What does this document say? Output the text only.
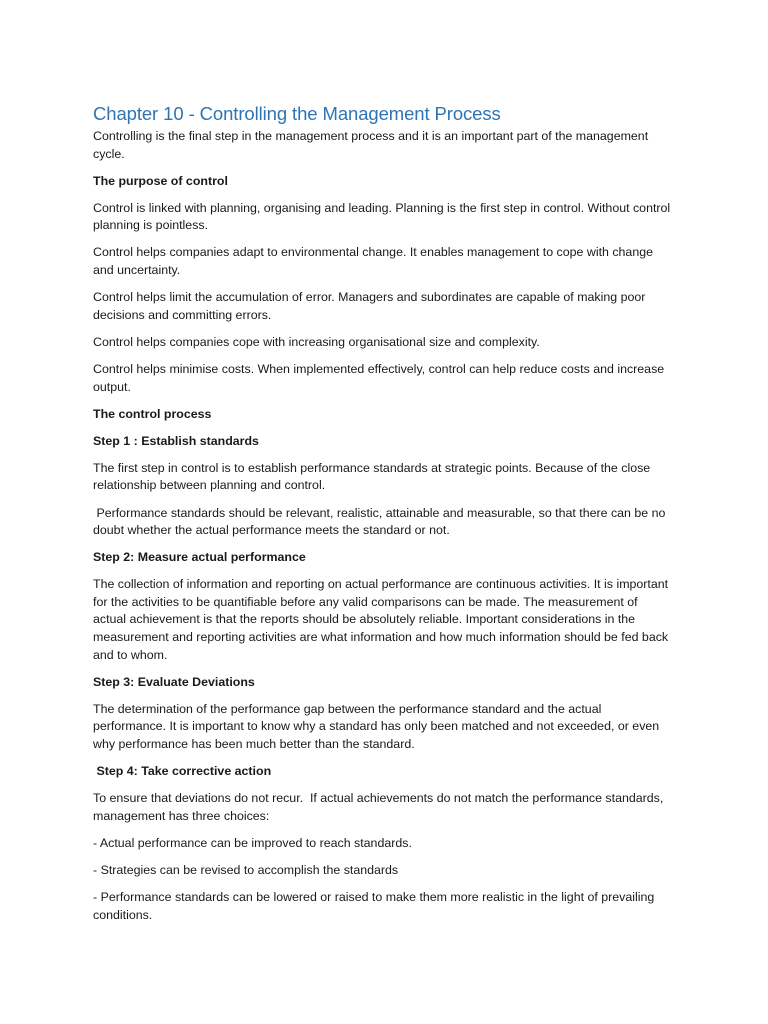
Chapter 10 - Controlling the Management Process

Controlling is the final step in the management process and it is an important part of the management cycle.

The purpose of control

Control is linked with planning, organising and leading. Planning is the first step in control. Without control planning is pointless.

Control helps companies adapt to environmental change. It enables management to cope with change and uncertainty.

Control helps limit the accumulation of error. Managers and subordinates are capable of making poor decisions and committing errors.

Control helps companies cope with increasing organisational size and complexity.

Control helps minimise costs. When implemented effectively, control can help reduce costs and increase output.

The control process

Step 1 : Establish standards

The first step in control is to establish performance standards at strategic points. Because of the close relationship between planning and control.

Performance standards should be relevant, realistic, attainable and measurable, so that there can be no doubt whether the actual performance meets the standard or not.

Step 2: Measure actual performance

The collection of information and reporting on actual performance are continuous activities. It is important for the activities to be quantifiable before any valid comparisons can be made. The measurement of actual achievement is that the reports should be absolutely reliable. Important considerations in the measurement and reporting activities are what information and how much information should be fed back and to whom.

Step 3: Evaluate Deviations

The determination of the performance gap between the performance standard and the actual performance. It is important to know why a standard has only been matched and not exceeded, or even why performance has been much better than the standard.

Step 4: Take corrective action

To ensure that deviations do not recur.  If actual achievements do not match the performance standards, management has three choices:

- Actual performance can be improved to reach standards.

- Strategies can be revised to accomplish the standards

- Performance standards can be lowered or raised to make them more realistic in the light of prevailing conditions.
